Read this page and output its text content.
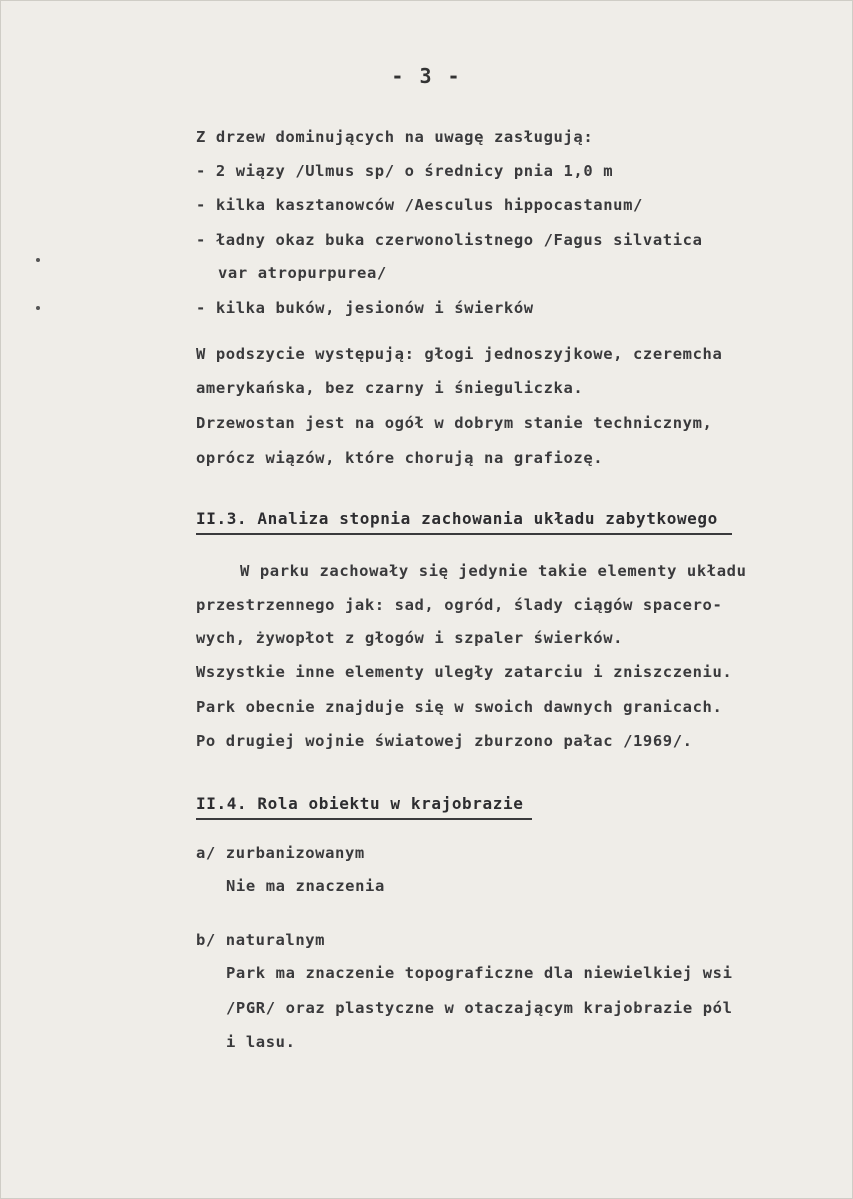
- 3 -
Z drzew dominujących na uwagę zasługują:
- 2 wiązy /Ulmus sp/ o średnicy pnia 1,0 m
- kilka kasztanowców /Aesculus hippocastanum/
- ładny okaz buka czerwonolistnego /Fagus silvatica
var atropurpurea/
- kilka buków, jesionów i świerków
W podszycie występują: głogi jednoszyjkowe, czeremcha
amerykańska, bez czarny i śnieguliczka.
Drzewostan jest na ogół w dobrym stanie technicznym,
oprócz wiązów, które chorują na grafiozę.
II.3. Analiza stopnia zachowania układu zabytkowego
W parku zachowały się jedynie takie elementy układu
przestrzennego jak: sad, ogród, ślady ciągów spacero-
wych, żywopłot z głogów i szpaler świerków.
Wszystkie inne elementy uległy zatarciu i zniszczeniu.
Park obecnie znajduje się w swoich dawnych granicach.
Po drugiej wojnie światowej zburzono pałac /1969/.
II.4. Rola obiektu w krajobrazie
a/ zurbanizowanym
Nie ma znaczenia
b/ naturalnym
Park ma znaczenie topograficzne dla niewielkiej wsi
/PGR/ oraz plastyczne w otaczającym krajobrazie pól
i lasu.
